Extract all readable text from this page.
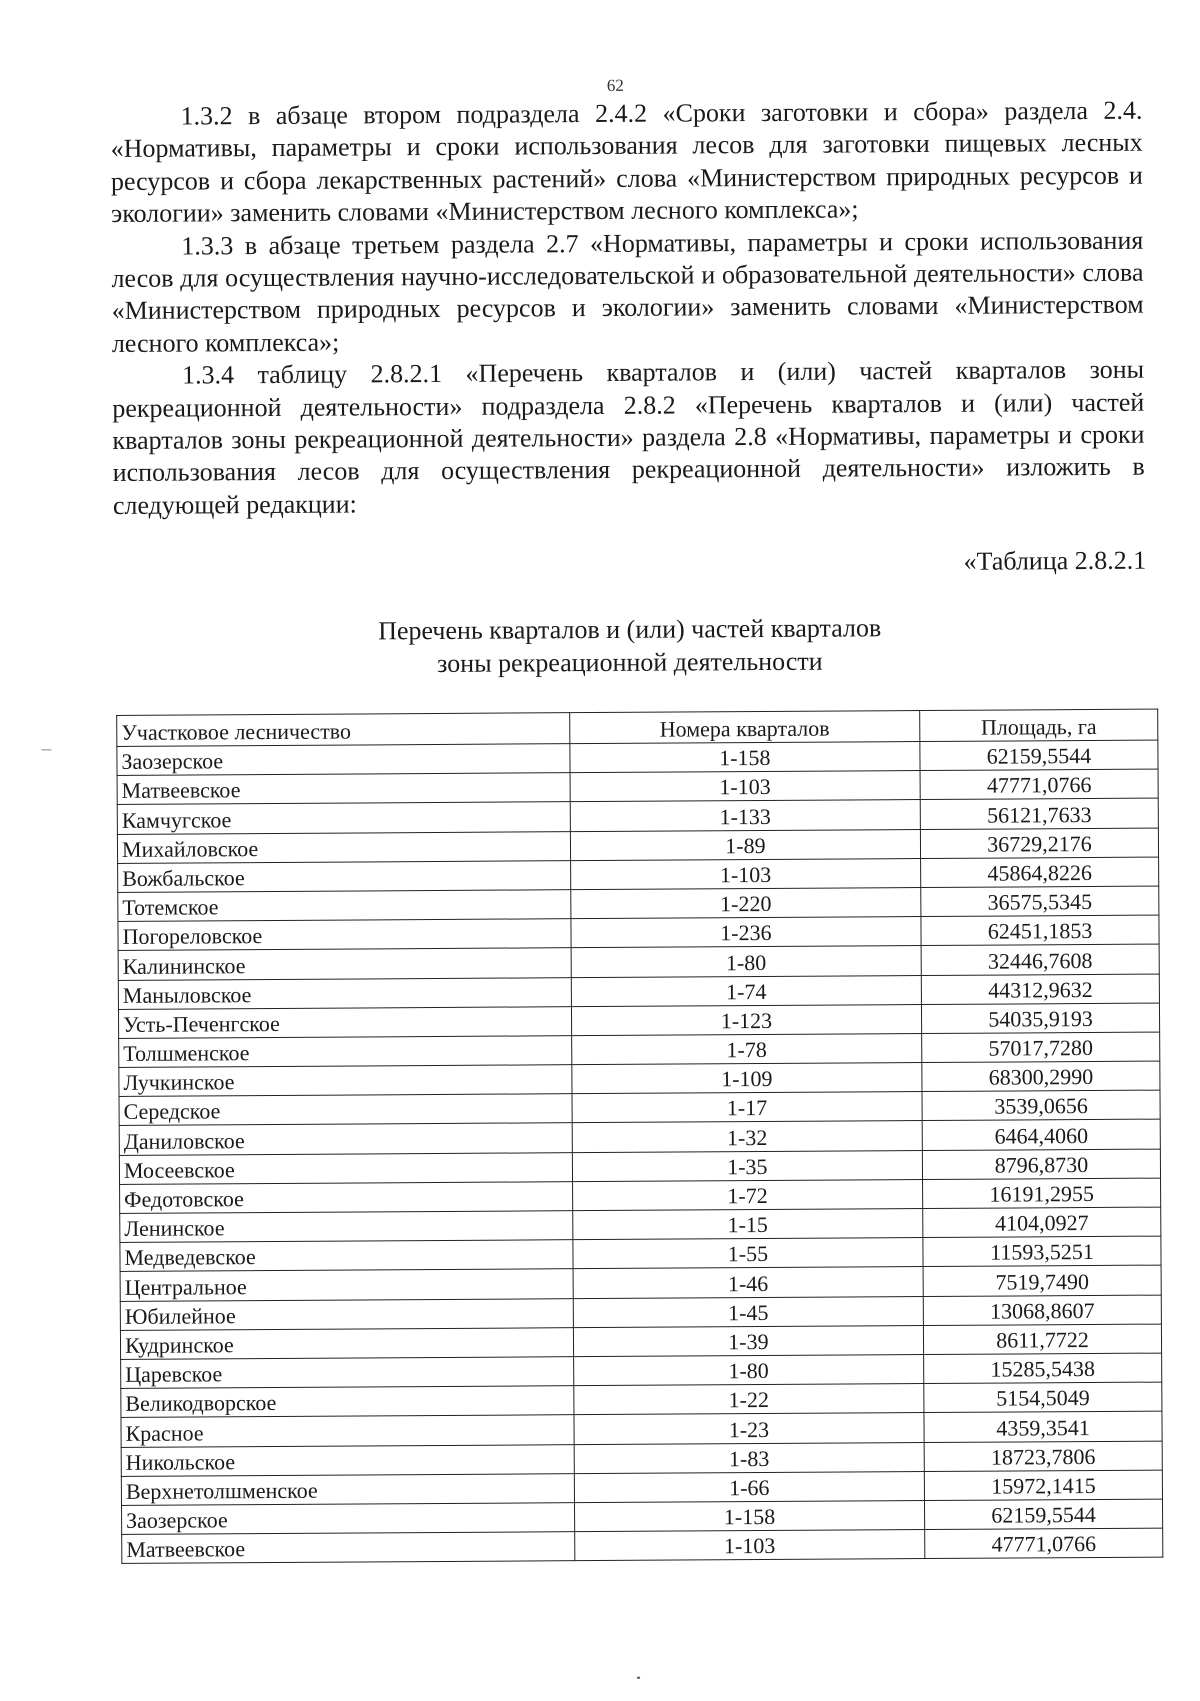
62

1.3.2 в абзаце втором подраздела 2.4.2 «Сроки заготовки и сбора» раздела 2.4. «Нормативы, параметры и сроки использования лесов для заготовки пищевых лесных ресурсов и сбора лекарственных растений» слова «Министерством природных ресурсов и экологии» заменить словами «Министерством лесного комплекса»;

1.3.3 в абзаце третьем раздела 2.7 «Нормативы, параметры и сроки использования лесов для осуществления научно-исследовательской и образовательной деятельности» слова «Министерством природных ресурсов и экологии» заменить словами «Министерством лесного комплекса»;

1.3.4 таблицу 2.8.2.1 «Перечень кварталов и (или) частей кварталов зоны рекреационной деятельности» подраздела 2.8.2 «Перечень кварталов и (или) частей кварталов зоны рекреационной деятельности» раздела 2.8 «Нормативы, параметры и сроки использования лесов для осуществления рекреационной деятельности» изложить в следующей редакции:

«Таблица 2.8.2.1
Перечень кварталов и (или) частей кварталов
зоны рекреационной деятельности
Участковое лесничество	Номера кварталов	Площадь, га
Заозерское	1-158	62159,5544
Матвеевское	1-103	47771,0766
Камчугское	1-133	56121,7633
Михайловское	1-89	36729,2176
Вожбальское	1-103	45864,8226
Тотемское	1-220	36575,5345
Погореловское	1-236	62451,1853
Калининское	1-80	32446,7608
Маныловское	1-74	44312,9632
Усть-Печенгское	1-123	54035,9193
Толшменское	1-78	57017,7280
Лучкинское	1-109	68300,2990
Середское	1-17	3539,0656
Даниловское	1-32	6464,4060
Мосеевское	1-35	8796,8730
Федотовское	1-72	16191,2955
Ленинское	1-15	4104,0927
Медведевское	1-55	11593,5251
Центральное	1-46	7519,7490
Юбилейное	1-45	13068,8607
Кудринское	1-39	8611,7722
Царевское	1-80	15285,5438
Великодворское	1-22	5154,5049
Красное	1-23	4359,3541
Никольское	1-83	18723,7806
Верхнетолшменское	1-66	15972,1415
Заозерское	1-158	62159,5544
Матвеевское	1-103	47771,0766
